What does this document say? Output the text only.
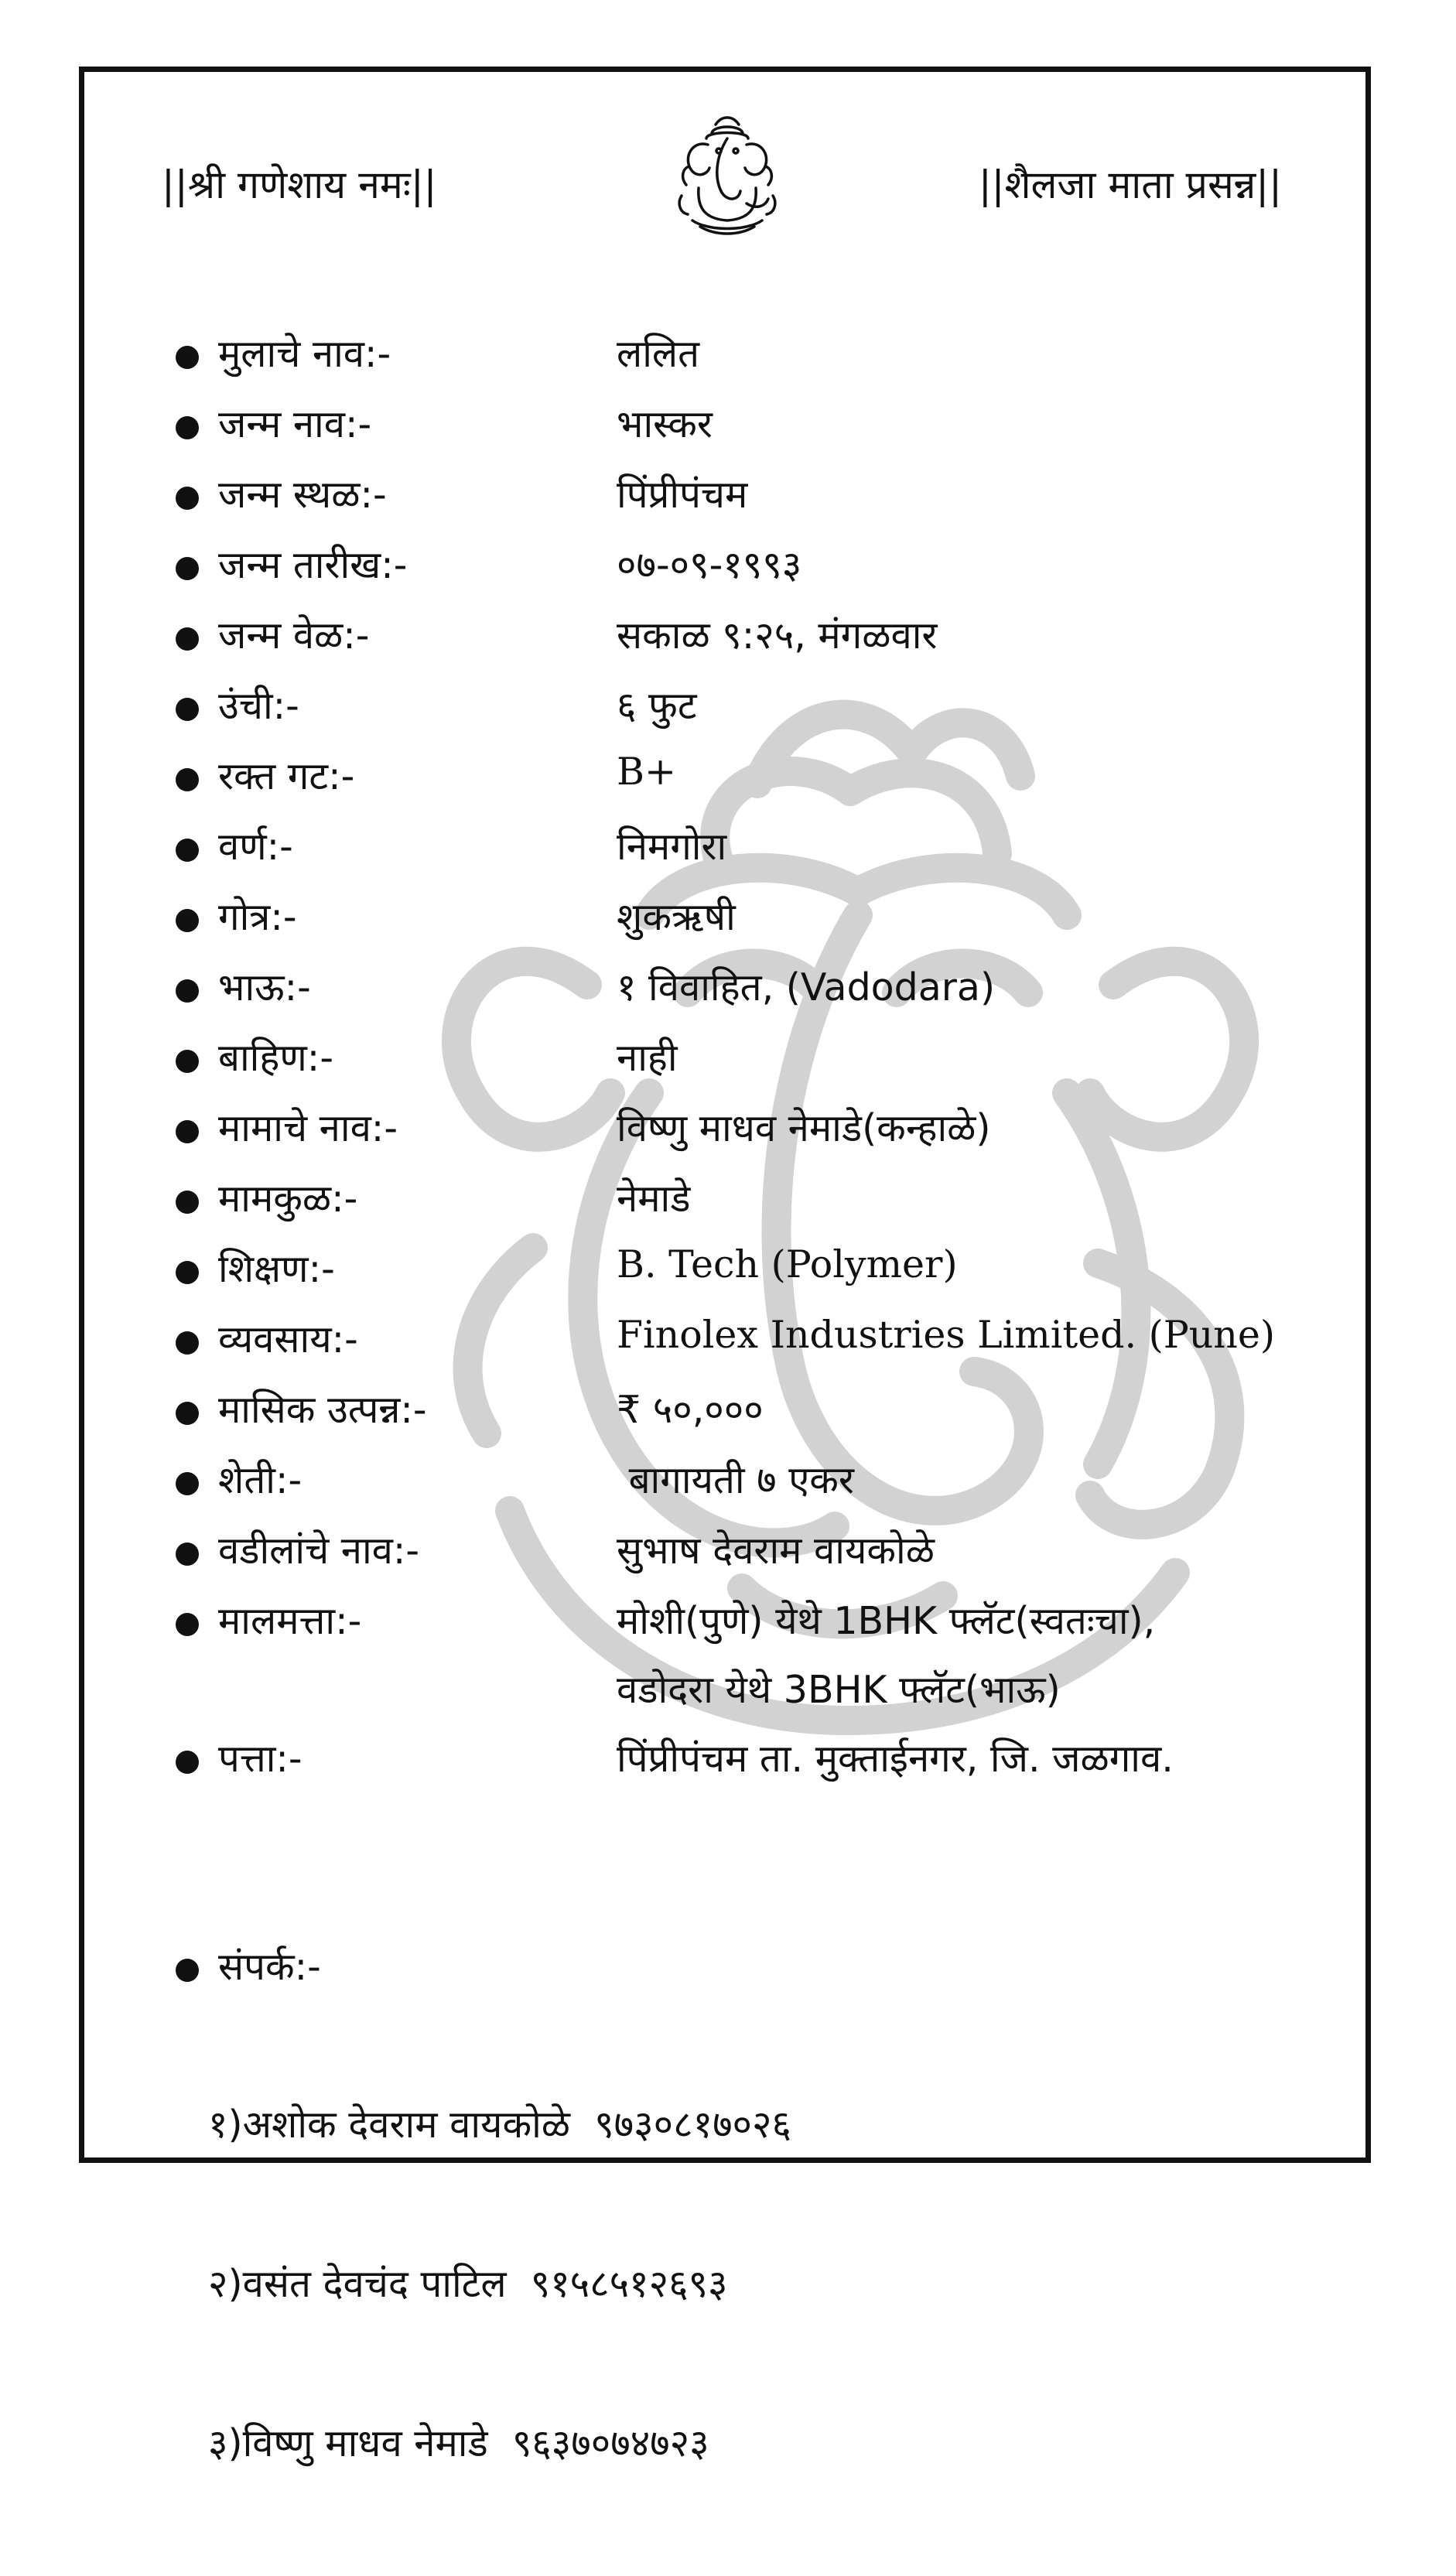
||श्री गणेशाय नमः||	||शैलजा माता प्रसन्न||
मुलाचे नाव:-	ललित
जन्म नाव:-	भास्कर
जन्म स्थळ:-	पिंप्रीपंचम
जन्म तारीख:-	०७-०९-१९९३
जन्म वेळ:-	सकाळ ९:२५, मंगळवार
उंची:-	६ फुट
रक्त गट:-	B+
वर्ण:-	निमगोरा
गोत्र:-	शुकऋषी
भाऊ:-	१ विवाहित, (Vadodara)
बाहिण:-	नाही
मामाचे नाव:-	विष्णु माधव नेमाडे(कन्हाळे)
मामकुळ:-	नेमाडे
शिक्षण:-	B. Tech (Polymer)
व्यवसाय:-	Finolex Industries Limited. (Pune)
मासिक उत्पन्न:-	₹ ५०,०००
शेती:-	बागायती ७ एकर
वडीलांचे नाव:-	सुभाष देवराम वायकोळे
मालमत्ता:-	मोशी(पुणे) येथे 1BHK फ्लॅट(स्वतःचा),
वडोदरा येथे 3BHK फ्लॅट(भाऊ)
पत्ता:-	पिंप्रीपंचम ता. मुक्ताईनगर, जि. जळगाव.
संपर्क:-

१)अशोक देवराम वायकोळे  ९७३०८१७०२६

२)वसंत देवचंद पाटिल  ९१५८५१२६९३

३)विष्णु माधव नेमाडे  ९६३७०७४७२३
